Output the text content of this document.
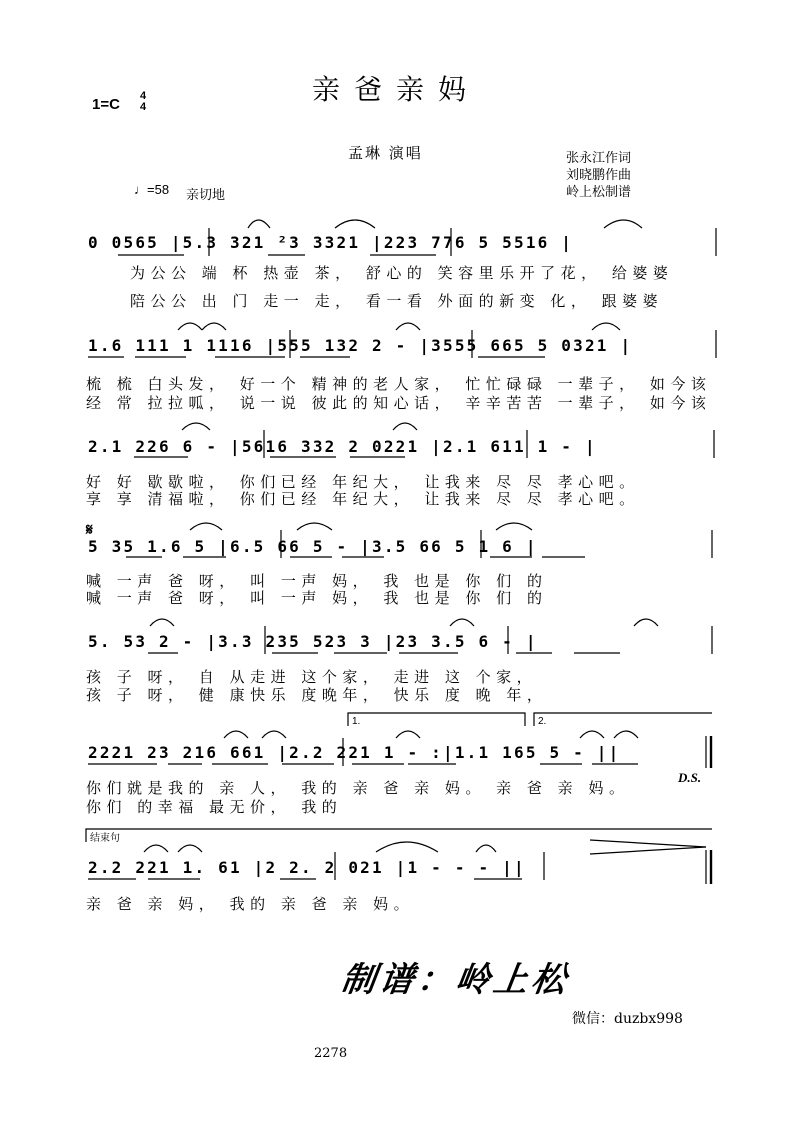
亲爸亲妈
1=C 4
4
孟琳 演唱	张永江作词
刘晓鹏作曲
岭上松制谱
♩=58 亲切地
0 0565 |5.3 321 ²3 3321 |223 776 5 5516 |
为公公 端 杯 热壶 茶， 舒心的 笑容里乐开了花， 给婆婆
陪公公 出 门 走一 走， 看一看 外面的新变 化， 跟婆婆
1.6 111 1 1116 |555 132 2 - |3555 665 5 0321 |
梳 梳 白头发， 好一个 精神的老人家， 忙忙碌碌 一辈子， 如今该
经 常 拉拉呱， 说一说 彼此的知心话， 辛辛苦苦 一辈子， 如今该
2.1 226 6 - |5616 332 2 0221 |2.1 611 1 - |
好 好 歇歇啦， 你们已经 年纪大， 让我来 尽 尽 孝心吧。
享 享 清福啦， 你们已经 年纪大， 让我来 尽 尽 孝心吧。
𝄋
5 35 1.6 5 |6.5 66 5 - |3.5 66 5 1 6 |
喊 一声 爸 呀， 叫 一声 妈， 我 也是 你 们 的
喊 一声 爸 呀， 叫 一声 妈， 我 也是 你 们 的
5. 53 2 - |3.3 235 523 3 |23 3.5 6 - |
孩 子 呀， 自 从走进 这个家， 走进 这 个家，
孩 子 呀， 健 康快乐 度晚年， 快乐 度 晚 年，
1.	2.
2221 23 216 661 |2.2 221 1 - :|1.1 165 5 - ||
你们就是我的 亲 人， 我的 亲 爸 亲 妈。 亲 爸 亲 妈。
你们 的幸福 最无价， 我的
D.S.
结束句
2.2 221 1. 61 |2 2. 2 021 |1 - - - ||
亲 爸 亲 妈， 我的 亲 爸 亲 妈。
制谱：岭上松
微信：duzbx998
2278
